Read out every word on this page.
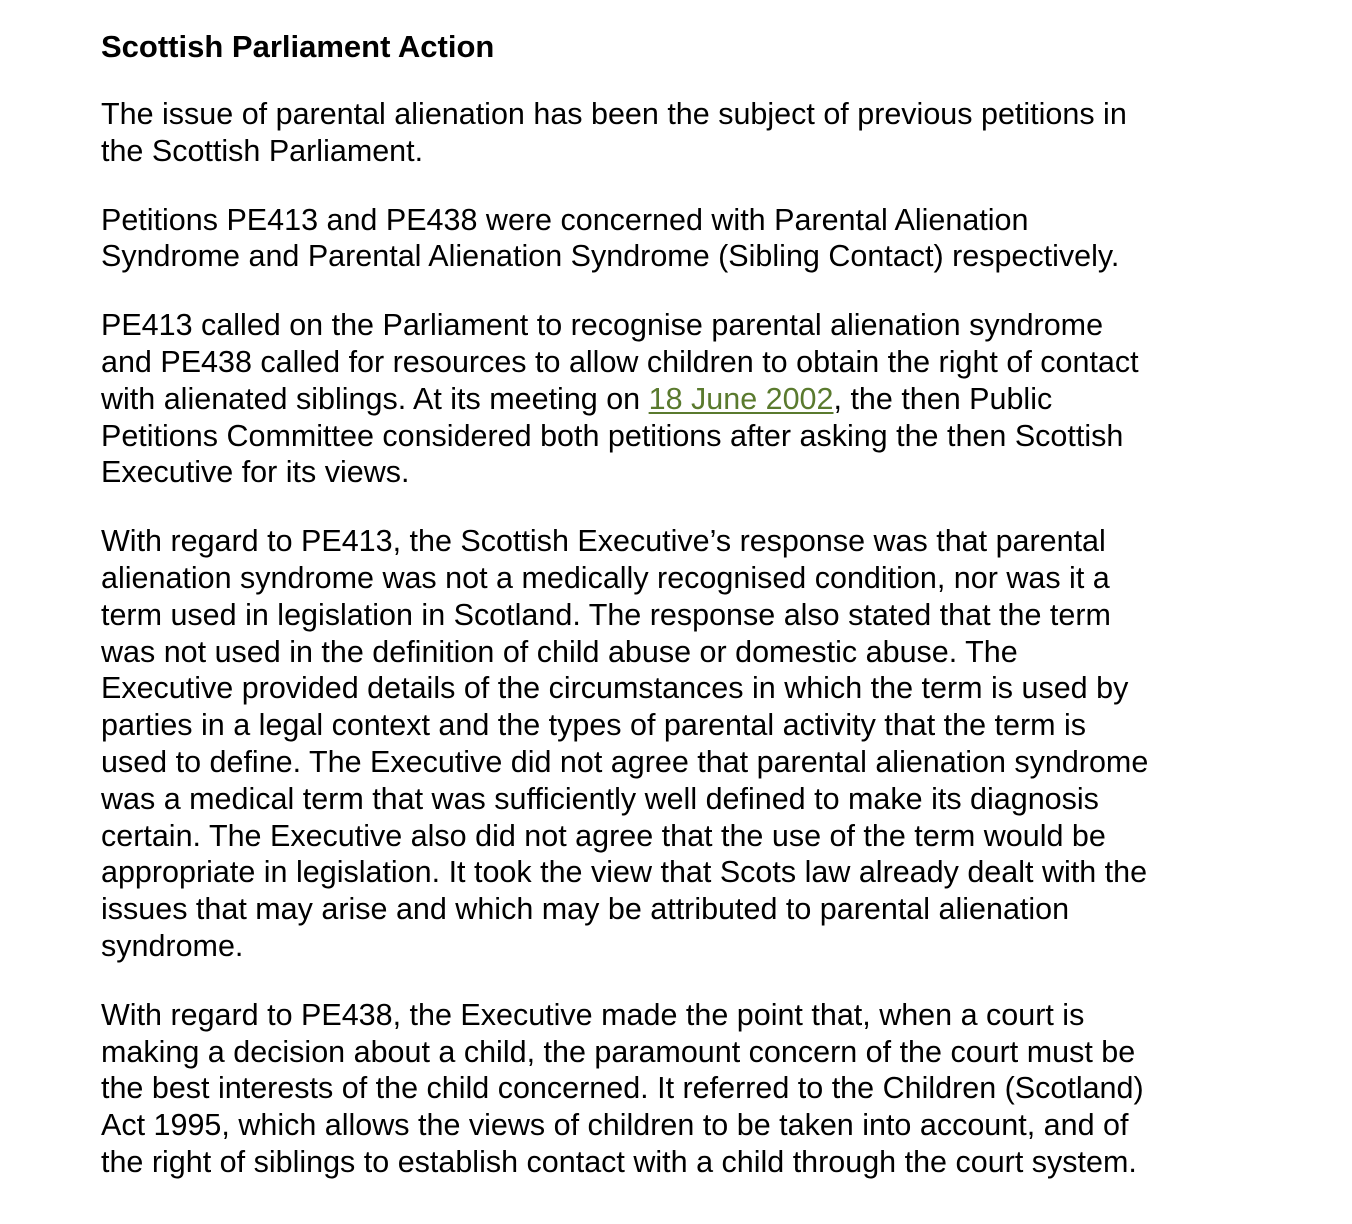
Scottish Parliament Action

The issue of parental alienation has been the subject of previous petitions in
the Scottish Parliament.

Petitions PE413 and PE438 were concerned with Parental Alienation
Syndrome and Parental Alienation Syndrome (Sibling Contact) respectively.

PE413 called on the Parliament to recognise parental alienation syndrome
and PE438 called for resources to allow children to obtain the right of contact
with alienated siblings. At its meeting on 18 June 2002, the then Public
Petitions Committee considered both petitions after asking the then Scottish
Executive for its views.

With regard to PE413, the Scottish Executive’s response was that parental
alienation syndrome was not a medically recognised condition, nor was it a
term used in legislation in Scotland. The response also stated that the term
was not used in the definition of child abuse or domestic abuse. The
Executive provided details of the circumstances in which the term is used by
parties in a legal context and the types of parental activity that the term is
used to define. The Executive did not agree that parental alienation syndrome
was a medical term that was sufficiently well defined to make its diagnosis
certain. The Executive also did not agree that the use of the term would be
appropriate in legislation. It took the view that Scots law already dealt with the
issues that may arise and which may be attributed to parental alienation
syndrome.

With regard to PE438, the Executive made the point that, when a court is
making a decision about a child, the paramount concern of the court must be
the best interests of the child concerned. It referred to the Children (Scotland)
Act 1995, which allows the views of children to be taken into account, and of
the right of siblings to establish contact with a child through the court system.
